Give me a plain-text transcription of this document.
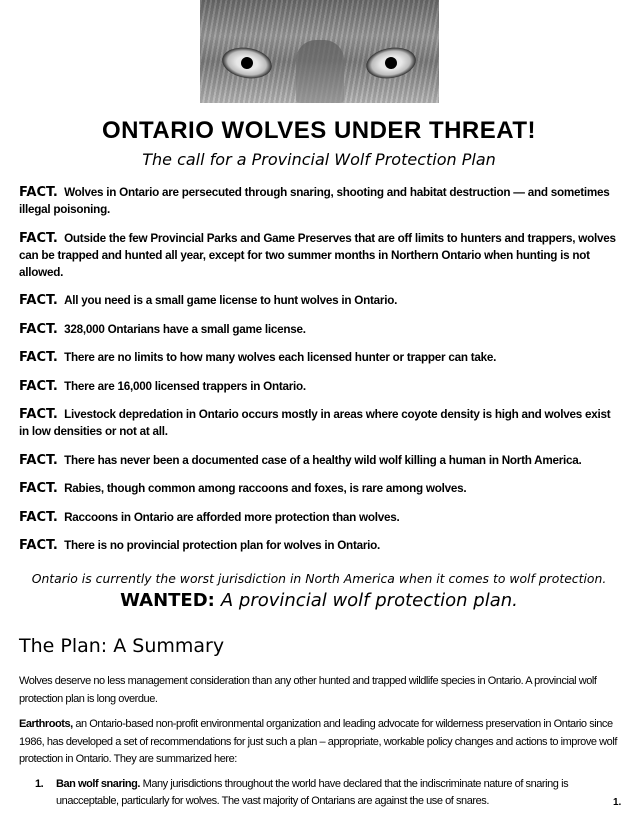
ONTARIO WOLVES UNDER THREAT!
The call for a Provincial Wolf Protection Plan

FACT. Wolves in Ontario are persecuted through snaring, shooting and habitat destruction — and sometimes illegal poisoning.

FACT. Outside the few Provincial Parks and Game Preserves that are off limits to hunters and trappers, wolves can be trapped and hunted all year, except for two summer months in Northern Ontario when hunting is not allowed.

FACT. All you need is a small game license to hunt wolves in Ontario.

FACT. 328,000 Ontarians have a small game license.

FACT. There are no limits to how many wolves each licensed hunter or trapper can take.

FACT. There are 16,000 licensed trappers in Ontario.

FACT. Livestock depredation in Ontario occurs mostly in areas where coyote density is high and wolves exist in low densities or not at all.

FACT. There has never been a documented case of a healthy wild wolf killing a human in North America.

FACT. Rabies, though common among raccoons and foxes, is rare among wolves.

FACT. Raccoons in Ontario are afforded more protection than wolves.

FACT. There is no provincial protection plan for wolves in Ontario.

Ontario is currently the worst jurisdiction in North America when it comes to wolf protection.
WANTED: A provincial wolf protection plan.
The Plan: A Summary

Wolves deserve no less management consideration than any other hunted and trapped wildlife species in Ontario. A provincial wolf protection plan is long overdue.

Earthroots, an Ontario-based non-profit environmental organization and leading advocate for wilderness preservation in Ontario since 1986, has developed a set of recommendations for just such a plan – appropriate, workable policy changes and actions to improve wolf protection in Ontario. They are summarized here:

1. Ban wolf snaring. Many jurisdictions throughout the world have declared that the indiscriminate nature of snaring is unacceptable, particularly for wolves. The vast majority of Ontarians are against the use of snares.	1.
